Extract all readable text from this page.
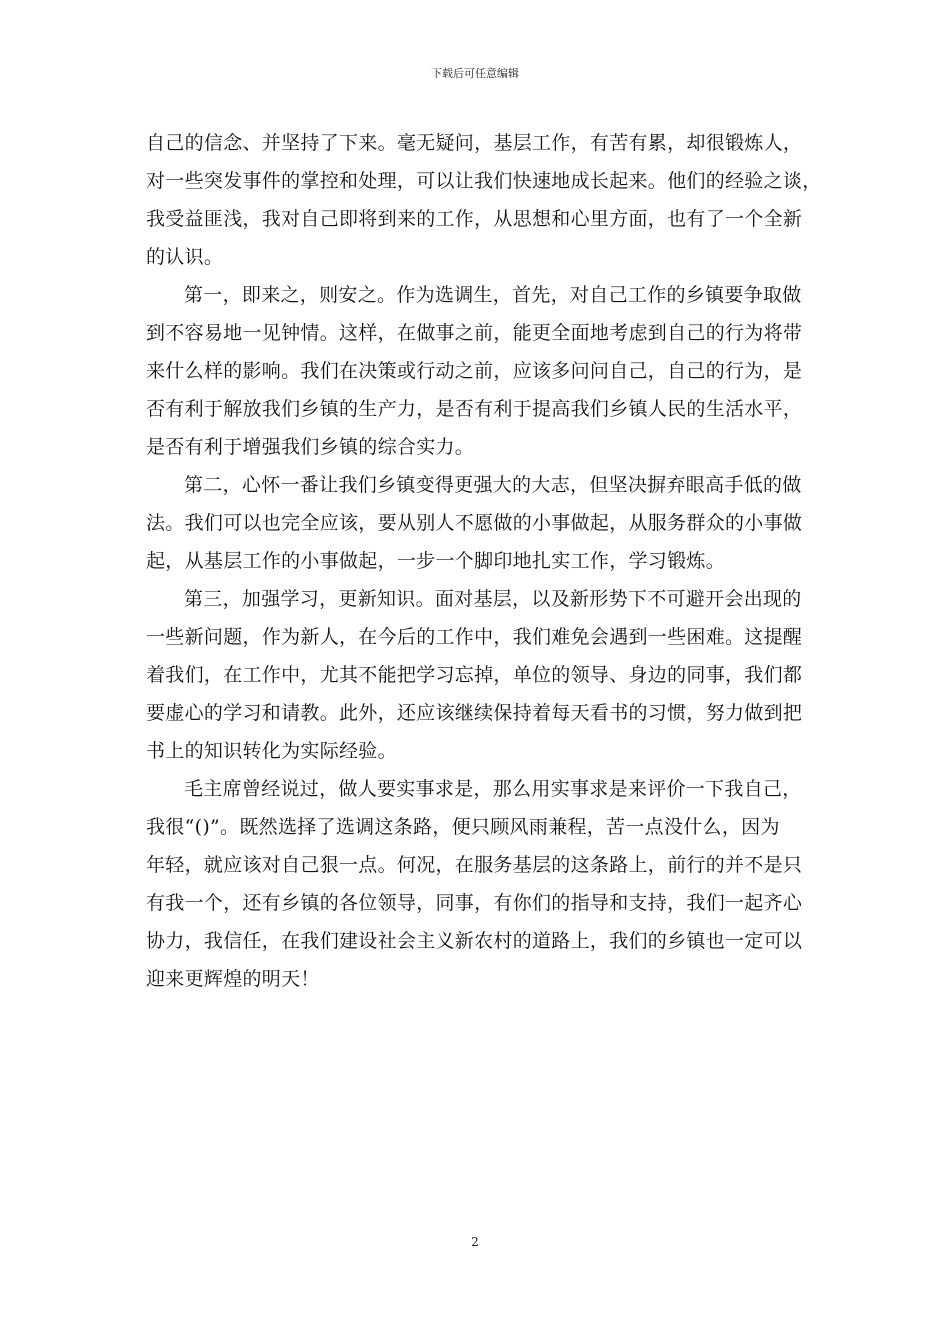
下载后可任意编辑
自己的信念、并坚持了下来。毫无疑问，基层工作，有苦有累，却很锻炼人，
对一些突发事件的掌控和处理，可以让我们快速地成长起来。他们的经验之谈，
我受益匪浅，我对自己即将到来的工作，从思想和心里方面，也有了一个全新
的认识。
第一，即来之，则安之。作为选调生，首先，对自己工作的乡镇要争取做
到不容易地一见钟情。这样，在做事之前，能更全面地考虑到自己的行为将带
来什么样的影响。我们在决策或行动之前，应该多问问自己，自己的行为，是
否有利于解放我们乡镇的生产力，是否有利于提高我们乡镇人民的生活水平，
是否有利于增强我们乡镇的综合实力。
第二，心怀一番让我们乡镇变得更强大的大志，但坚决摒弃眼高手低的做
法。我们可以也完全应该，要从别人不愿做的小事做起，从服务群众的小事做
起，从基层工作的小事做起，一步一个脚印地扎实工作，学习锻炼。
第三，加强学习，更新知识。面对基层，以及新形势下不可避开会出现的
一些新问题，作为新人，在今后的工作中，我们难免会遇到一些困难。这提醒
着我们，在工作中，尤其不能把学习忘掉，单位的领导、身边的同事，我们都
要虚心的学习和请教。此外，还应该继续保持着每天看书的习惯，努力做到把
书上的知识转化为实际经验。
毛主席曾经说过，做人要实事求是，那么用实事求是来评价一下我自己，
我很“()”。既然选择了选调这条路，便只顾风雨兼程，苦一点没什么，因为
年轻，就应该对自己狠一点。何况，在服务基层的这条路上，前行的并不是只
有我一个，还有乡镇的各位领导，同事，有你们的指导和支持，我们一起齐心
协力，我信任，在我们建设社会主义新农村的道路上，我们的乡镇也一定可以
迎来更辉煌的明天！
2
